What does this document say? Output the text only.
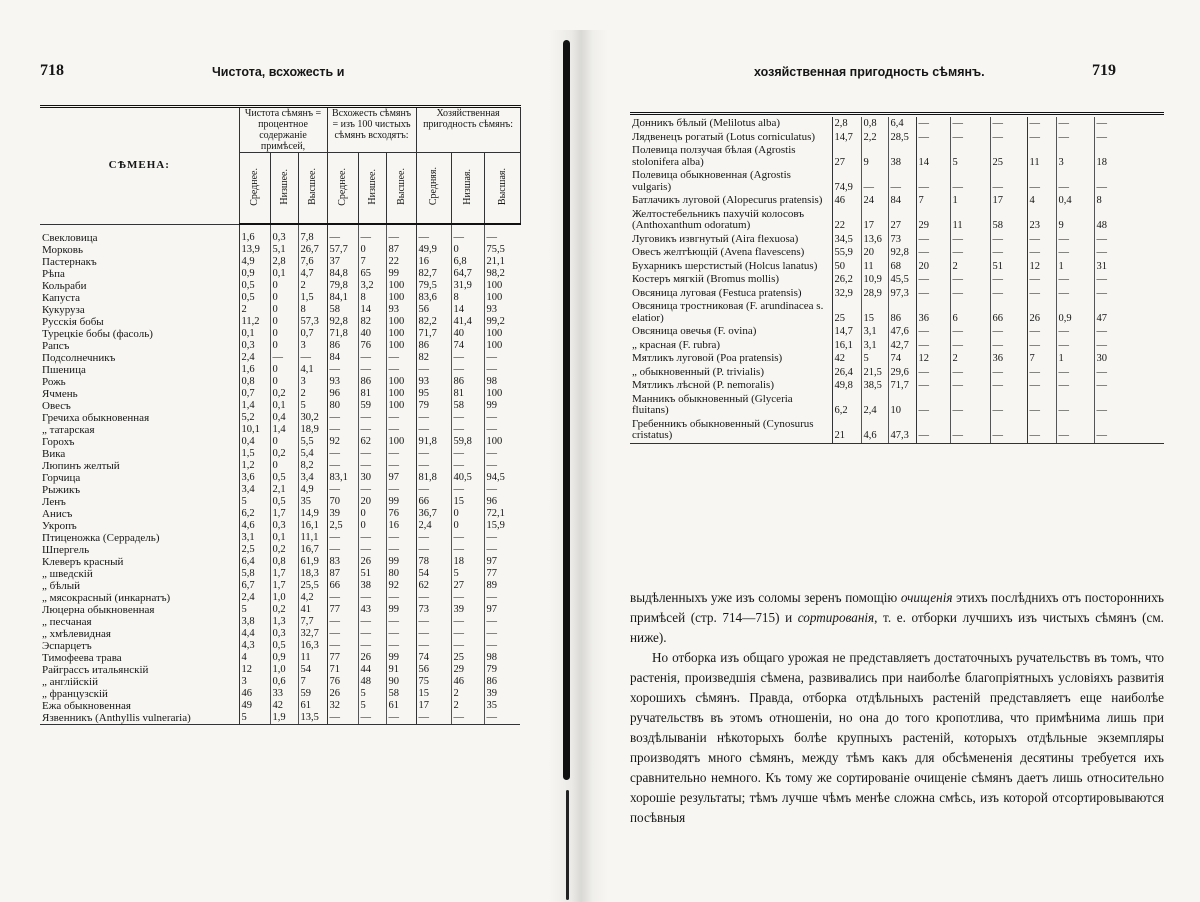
718	Чистота, всхожесть и
СѢМЕНА:	Чистота сѣмянъ = процентное содержаніе примѣсей,			Всхожесть сѣмянъ = изъ 100 чистыхъ сѣмянъ всходятъ:			Хозяйственная пригодность сѣмянъ:		
	Среднее.	Низшее.	Высшее.	Среднее.	Низшее.	Высшее.	Средняя.	Низшая.	Высшая.
Свекловица	1,6	0,3	7,8	—	—	—	—	—	—
Морковь	13,9	5,1	26,7	57,7	0	87	49,9	0	75,5
Пастернакъ	4,9	2,8	7,6	37	7	22	16	6,8	21,1
Рѣпа	0,9	0,1	4,7	84,8	65	99	82,7	64,7	98,2
Кольраби	0,5	0	2	79,8	3,2	100	79,5	31,9	100
Капуста	0,5	0	1,5	84,1	8	100	83,6	8	100
Кукуруза	2	0	8	58	14	93	56	14	93
Русскія бобы	11,2	0	57,3	92,8	82	100	82,2	41,4	99,2
Турецкіе бобы (фасоль)	0,1	0	0,7	71,8	40	100	71,7	40	100
Рапсъ	0,3	0	3	86	76	100	86	74	100
Подсолнечникъ	2,4	—	—	84	—	—	82	—	—
Пшеница	1,6	0	4,1	—	—	—	—	—	—
Рожь	0,8	0	3	93	86	100	93	86	98
Ячмень	0,7	0,2	2	96	81	100	95	81	100
Овесъ	1,4	0,1	5	80	59	100	79	58	99
Гречиха обыкновенная	5,2	0,4	30,2	—	—	—	—	—	—
„ татарская	10,1	1,4	18,9	—	—	—	—	—	—
Горохъ	0,4	0	5,5	92	62	100	91,8	59,8	100
Вика	1,5	0,2	5,4	—	—	—	—	—	—
Люпинъ желтый	1,2	0	8,2	—	—	—	—	—	—
Горчица	3,6	0,5	3,4	83,1	30	97	81,8	40,5	94,5
Рыжикъ	3,4	2,1	4,9	—	—	—	—	—	—
Ленъ	5	0,5	35	70	20	99	66	15	96
Анисъ	6,2	1,7	14,9	39	0	76	36,7	0	72,1
Укропъ	4,6	0,3	16,1	2,5	0	16	2,4	0	15,9
Птиценожка (Серрадель)	3,1	0,1	11,1	—	—	—	—	—	—
Шпергель	2,5	0,2	16,7	—	—	—	—	—	—
Клеверъ красный	6,4	0,8	61,9	83	26	99	78	18	97
„ шведскій	5,8	1,7	18,3	87	51	80	54	5	77
„ бѣлый	6,7	1,7	25,5	66	38	92	62	27	89
„ мясокрасный (инкарнатъ)	2,4	1,0	4,2	—	—	—	—	—	—
Люцерна обыкновенная	5	0,2	41	77	43	99	73	39	97
„ песчаная	3,8	1,3	7,7	—	—	—	—	—	—
„ хмѣлевидная	4,4	0,3	32,7	—	—	—	—	—	—
Эспарцетъ	4,3	0,5	16,3	—	—	—	—	—	—
Тимофеева трава	4	0,9	11	77	26	99	74	25	98
Райграссъ итальянскій	12	1,0	54	71	44	91	56	29	79
„ англійскій	3	0,6	7	76	48	90	75	46	86
„ французскій	46	33	59	26	5	58	15	2	39
Ежа обыкновенная	49	42	61	32	5	61	17	2	35
Язвенникъ (Anthyllis vulneraria)	5	1,9	13,5	—	—	—	—	—	—
хозяйственная пригодность сѣмянъ.	719

Донникъ бѣлый (Melilotus alba)	2,8	0,8	6,4	—	—	—	—	—	—
Лядвенецъ рогатый (Lotus corniculatus)	14,7	2,2	28,5	—	—	—	—	—	—
Полевица ползучая бѣлая (Agrostis stolonifera alba)	27	9	38	14	5	25	11	3	18
Полевица обыкновенная (Agrostis vulgaris)	74,9	—	—	—	—	—	—	—	—
Батлачикъ луговой (Alopecurus pratensis)	46	24	84	7	1	17	4	0,4	8
Желтостебельникъ пахучій колосовъ (Anthoxanthum odoratum)	22	17	27	29	11	58	23	9	48
Луговикъ извгнутый (Aira flexuosa)	34,5	13,6	73	—	—	—	—	—	—
Овесъ желтѣющій (Avena flavescens)	55,9	20	92,8	—	—	—	—	—	—
Бухарникъ шерстистый (Holcus lanatus)	50	11	68	20	2	51	12	1	31
Костеръ мягкій (Bromus mollis)	26,2	10,9	45,5	—	—	—	—	—	—
Овсяница луговая (Festuca pratensis)	32,9	28,9	97,3	—	—	—	—	—	—
Овсяница тростниковая (F. arundinacea s. elatior)	25	15	86	36	6	66	26	0,9	47
Овсяница овечья (F. ovina)	14,7	3,1	47,6	—	—	—	—	—	—
„ красная (F. rubra)	16,1	3,1	42,7	—	—	—	—	—	—
Мятликъ луговой (Poa pratensis)	42	5	74	12	2	36	7	1	30
„ обыкновенный (P. trivialis)	26,4	21,5	29,6	—	—	—	—	—	—
Мятликъ лѣсной (P. nemoralis)	49,8	38,5	71,7	—	—	—	—	—	—
Манникъ обыкновенный (Glyceria fluitans)	6,2	2,4	10	—	—	—	—	—	—
Гребенникъ обыкновенный (Cynosurus cristatus)	21	4,6	47,3	—	—	—	—	—	—

выдѣленныхъ уже изъ соломы зеренъ помощію очищенія этихъ послѣднихъ отъ постороннихъ примѣсей (стр. 714—715) и сортированія, т. е. отборки лучшихъ изъ чистыхъ сѣмянъ (см. ниже).

Но отборка изъ общаго урожая не представляетъ достаточныхъ ручательствъ въ томъ, что растенія, произведшія сѣмена, развивались при наиболѣе благопріятныхъ условіяхъ развитія хорошихъ сѣмянъ. Правда, отборка отдѣльныхъ растеній представляетъ еще наиболѣе ручательствъ въ этомъ отношеніи, но она до того кропотлива, что примѣнима лишь при воздѣлываніи нѣкоторыхъ болѣе крупныхъ растеній, которыхъ отдѣльные экземпляры производятъ много сѣмянъ, между тѣмъ какъ для обсѣмененія десятины требуется ихъ сравнительно немного. Къ тому же сортированіе очищеніе сѣмянъ даетъ лишь относительно хорошіе результаты; тѣмъ лучше чѣмъ менѣе сложна смѣсь, изъ которой отсортировываются посѣвныя
